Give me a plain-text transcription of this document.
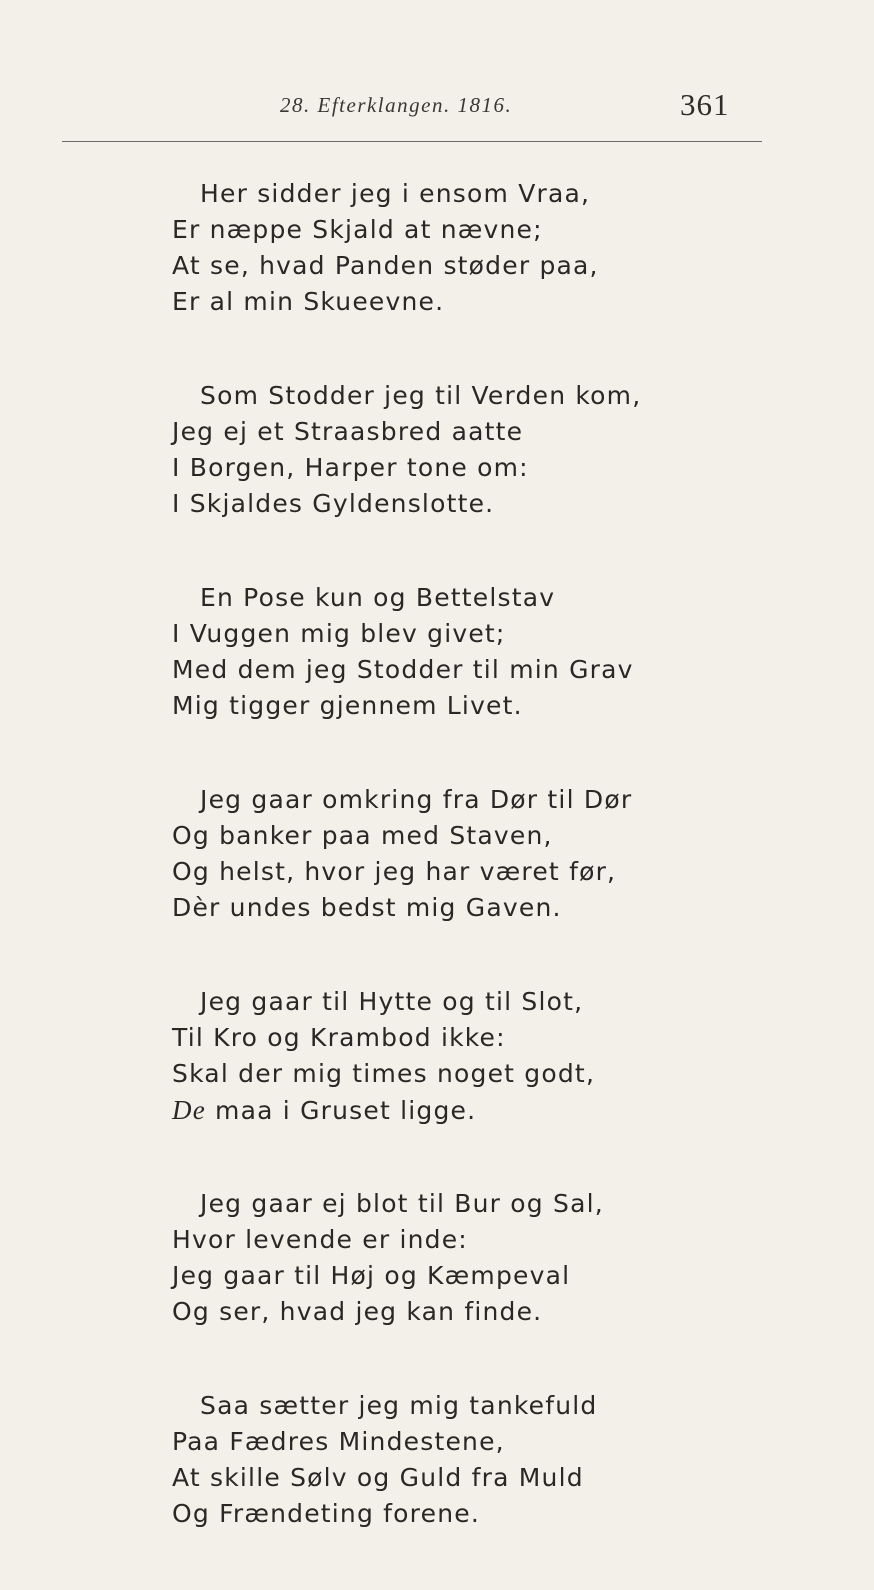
28. Efterklangen. 1816.	361
Her sidder jeg i ensom Vraa,
Er næppe Skjald at nævne;
At se, hvad Panden støder paa,
Er al min Skueevne.
Som Stodder jeg til Verden kom,
Jeg ej et Straasbred aatte
I Borgen, Harper tone om:
I Skjaldes Gyldenslotte.
En Pose kun og Bettelstav
I Vuggen mig blev givet;
Med dem jeg Stodder til min Grav
Mig tigger gjennem Livet.
Jeg gaar omkring fra Dør til Dør
Og banker paa med Staven,
Og helst, hvor jeg har været før,
Dèr undes bedst mig Gaven.
Jeg gaar til Hytte og til Slot,
Til Kro og Krambod ikke:
Skal der mig times noget godt,
De maa i Gruset ligge.
Jeg gaar ej blot til Bur og Sal,
Hvor levende er inde:
Jeg gaar til Høj og Kæmpeval
Og ser, hvad jeg kan finde.
Saa sætter jeg mig tankefuld
Paa Fædres Mindestene,
At skille Sølv og Guld fra Muld
Og Frændeting forene.
